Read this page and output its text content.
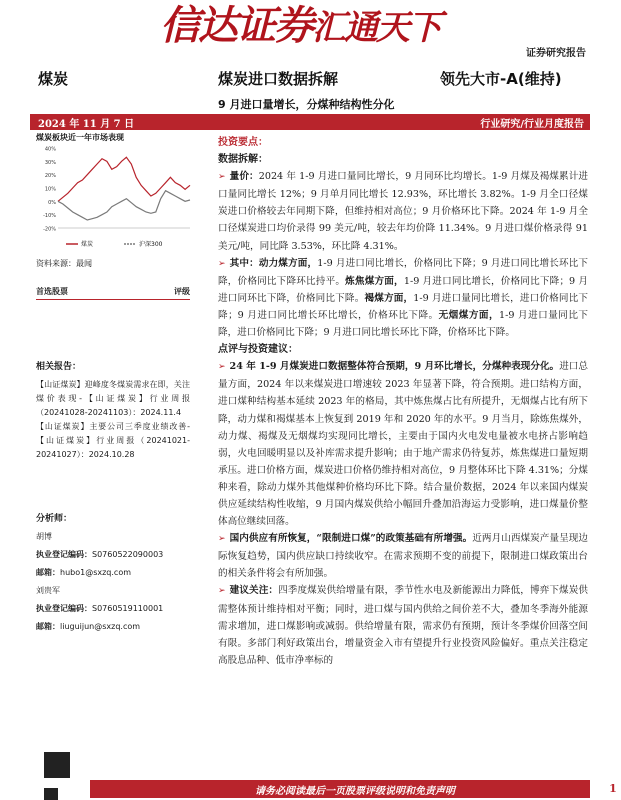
信达证券汇通天下
证券研究报告
煤炭	煤炭进口数据拆解	领先大市-A(维持)
9 月进口量增长，分煤种结构性分化
2024 年 11 月 7 日	行业研究/行业月度报告
煤炭板块近一年市场表现
40%
30%
20%
10%
0%
-10%
-20%
煤炭	沪深300
资料来源：最闻
首选股票	评级
相关报告：
【山证煤炭】迎峰度冬煤炭需求在即，关注煤价表现-【山证煤炭】行业周报（20241028-20241103）：2024.11.4
【山证煤炭】主要公司三季度业绩改善-【山证煤炭】行业周报（20241021-20241027）：2024.10.28
分析师：
胡博
执业登记编码：S0760522090003
邮箱：hubo1@sxzq.com
刘贵军
执业登记编码：S0760519110001
邮箱：liuguijun@sxzq.com
投资要点：
数据拆解：
➢ 量价：2024 年 1-9 月进口量同比增长，9 月同环比均增长。1-9 月煤及褐煤累计进口量同比增长 12%；9 月单月同比增长 12.93%，环比增长 3.82%。1-9 月全口径煤炭进口价格较去年同期下降，但维持相对高位；9 月价格环比下降。2024 年 1-9 月全口径煤炭进口均价录得 99 美元/吨，较去年均价降 11.34%。9 月进口煤价格录得 91 美元/吨，同比降 3.53%，环比降 4.31%。
➢ 其中：动力煤方面，1-9 月进口同比增长，价格同比下降；9 月进口同比增长环比下降，价格同比下降环比持平。炼焦煤方面，1-9 月进口同比增长，价格同比下降；9 月进口同环比下降，价格同比下降。褐煤方面，1-9 月进口量同比增长，进口价格同比下降；9 月进口同比增长环比增长，价格环比下降。无烟煤方面，1-9 月进口量同比下降，进口价格同比下降；9 月进口同比增长环比下降，价格环比下降。
点评与投资建议：
➢ 24 年 1-9 月煤炭进口数据整体符合预期，9 月环比增长，分煤种表现分化。进口总量方面，2024 年以来煤炭进口增速较 2023 年显著下降，符合预期。进口结构方面，进口煤种结构基本延续 2023 年的格局，其中炼焦煤占比有所提升，无烟煤占比有所下降，动力煤和褐煤基本上恢复到 2019 年和 2020 年的水平。9 月当月，除炼焦煤外，动力煤、褐煤及无烟煤均实现同比增长，主要由于国内火电发电量被水电挤占影响趋弱，火电回暖明显以及补库需求提升影响；由于地产需求仍待复苏，炼焦煤进口量短期承压。进口价格方面，煤炭进口价格仍维持相对高位，9 月整体环比下降 4.31%；分煤种来看，除动力煤外其他煤种价格均环比下降。结合量价数据，2024 年以来国内煤炭供应延续结构性收缩，9 月国内煤炭供给小幅回升叠加沿海运力受影响，进口煤量价整体高位继续回落。
➢ 国内供应有所恢复，“限制进口煤”的政策基础有所增强。近两月山西煤炭产量呈现边际恢复趋势，国内供应缺口持续收窄。在需求预期不变的前提下，限制进口煤政策出台的相关条件将会有所加强。
➢ 建议关注：四季度煤炭供给增量有限，季节性水电及新能源出力降低，博弈下煤炭供需整体预计维持相对平衡；同时，进口煤与国内供给之间价差不大，叠加冬季海外能源需求增加，进口煤影响或减弱。供给增量有限，需求仍有预期，预计冬季煤价回落空间有限。多部门利好政策出台，增量资金入市有望提升行业投资风险偏好。重点关注稳定高股息品种、低市净率标的
请务必阅读最后一页股票评级说明和免责声明	1
